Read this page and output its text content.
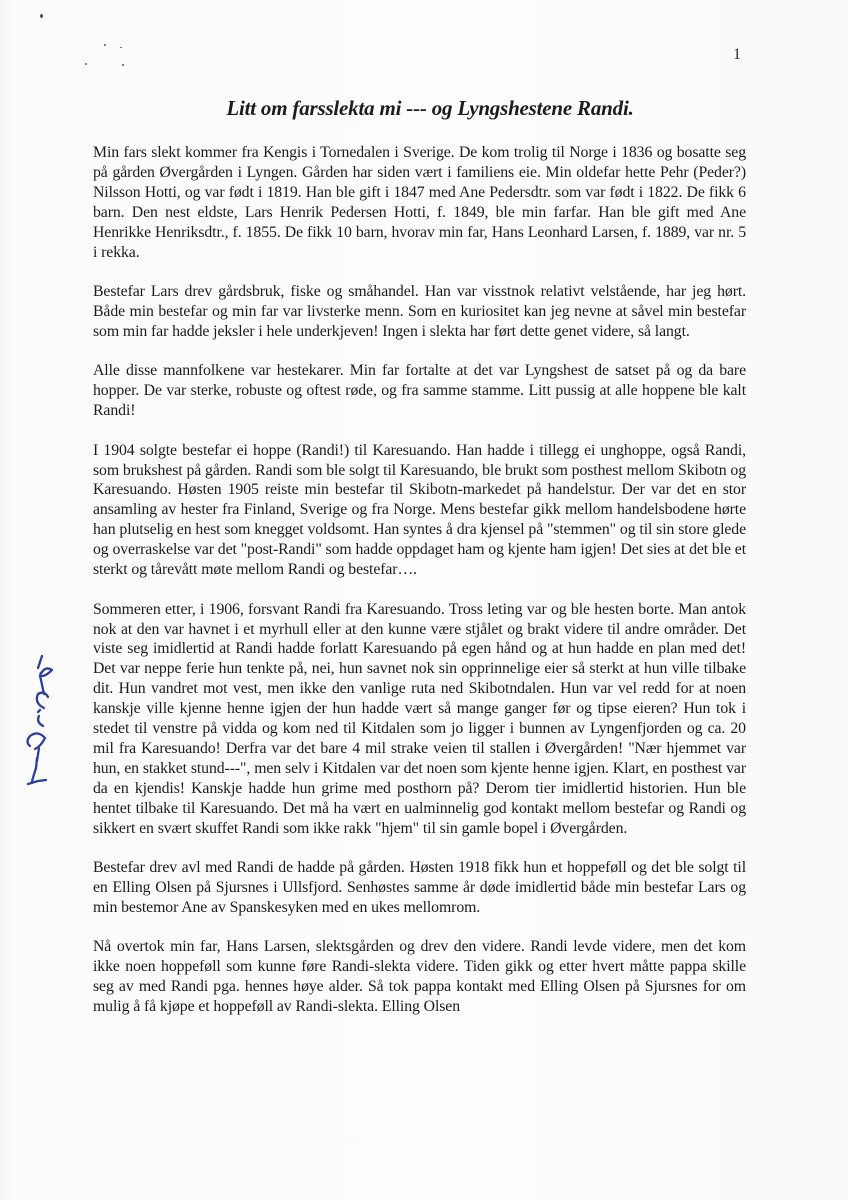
1
Litt om farsslekta mi --- og Lyngshestene Randi.

Min fars slekt kommer fra Kengis i Tornedalen i Sverige. De kom trolig til Norge i 1836 og bosatte seg på gården Øvergården i Lyngen. Gården har siden vært i familiens eie. Min oldefar hette Pehr (Peder?) Nilsson Hotti, og var født i 1819. Han ble gift i 1847 med Ane Pedersdtr. som var født i 1822. De fikk 6 barn. Den nest eldste, Lars Henrik Pedersen Hotti, f. 1849, ble min farfar. Han ble gift med Ane Henrikke Henriksdtr., f. 1855. De fikk 10 barn, hvorav min far, Hans Leonhard Larsen, f. 1889, var nr. 5 i rekka.

Bestefar Lars drev gårdsbruk, fiske og småhandel. Han var visstnok relativt velstående, har jeg hørt. Både min bestefar og min far var livsterke menn. Som en kuriositet kan jeg nevne at såvel min bestefar som min far hadde jeksler i hele underkjeven! Ingen i slekta har ført dette genet videre, så langt.

Alle disse mannfolkene var hestekarer. Min far fortalte at det var Lyngshest de satset på og da bare hopper. De var sterke, robuste og oftest røde, og fra samme stamme. Litt pussig at alle hoppene ble kalt Randi!

I 1904 solgte bestefar ei hoppe (Randi!) til Karesuando. Han hadde i tillegg ei unghoppe, også Randi, som brukshest på gården. Randi som ble solgt til Karesuando, ble brukt som posthest mellom Skibotn og Karesuando. Høsten 1905 reiste min bestefar til Skibotn-markedet på handelstur. Der var det en stor ansamling av hester fra Finland, Sverige og fra Norge. Mens bestefar gikk mellom handelsbodene hørte han plutselig en hest som knegget voldsomt. Han syntes å dra kjensel på "stemmen" og til sin store glede og overraskelse var det "post-Randi" som hadde oppdaget ham og kjente ham igjen! Det sies at det ble et sterkt og tårevått møte mellom Randi og bestefar….

Sommeren etter, i 1906, forsvant Randi fra Karesuando. Tross leting var og ble hesten borte. Man antok nok at den var havnet i et myrhull eller at den kunne være stjålet og brakt videre til andre områder. Det viste seg imidlertid at Randi hadde forlatt Karesuando på egen hånd og at hun hadde en plan med det! Det var neppe ferie hun tenkte på, nei, hun savnet nok sin opprinnelige eier så sterkt at hun ville tilbake dit. Hun vandret mot vest, men ikke den vanlige ruta ned Skibotndalen. Hun var vel redd for at noen kanskje ville kjenne henne igjen der hun hadde vært så mange ganger før og tipse eieren? Hun tok i stedet til venstre på vidda og kom ned til Kitdalen som jo ligger i bunnen av Lyngenfjorden og ca. 20 mil fra Karesuando! Derfra var det bare 4 mil strake veien til stallen i Øvergården! "Nær hjemmet var hun, en stakket stund---", men selv i Kitdalen var det noen som kjente henne igjen. Klart, en posthest var da en kjendis! Kanskje hadde hun grime med posthorn på? Derom tier imidlertid historien. Hun ble hentet tilbake til Karesuando. Det må ha vært en ualminnelig god kontakt mellom bestefar og Randi og sikkert en svært skuffet Randi som ikke rakk "hjem" til sin gamle bopel i Øvergården.

Bestefar drev avl med Randi de hadde på gården. Høsten 1918 fikk hun et hoppeføll og det ble solgt til en Elling Olsen på Sjursnes i Ullsfjord. Senhøstes samme år døde imidlertid både min bestefar Lars og min bestemor Ane av Spanskesyken med en ukes mellomrom.

Nå overtok min far, Hans Larsen, slektsgården og drev den videre. Randi levde videre, men det kom ikke noen hoppeføll som kunne føre Randi-slekta videre. Tiden gikk og etter hvert måtte pappa skille seg av med Randi pga. hennes høye alder. Så tok pappa kontakt med Elling Olsen på Sjursnes for om mulig å få kjøpe et hoppeføll av Randi-slekta. Elling Olsen
